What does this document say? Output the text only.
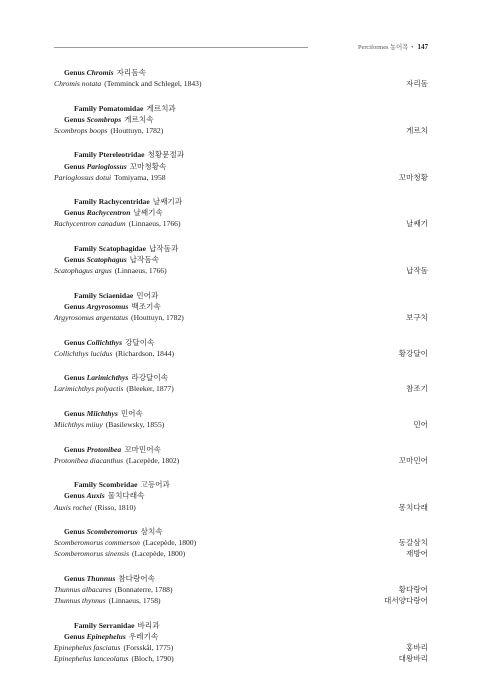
Perciformes 농어목 • 147
Genus Chromis 자리돔속
Chromis notata (Temminck and Schlegel, 1843)	자리돔
Family Pomatomidae 게르치과
Genus Scombrops 게르치속
Scombrops boops (Houttuyn, 1782)	게르치
Family Ptereleotridae 청황문절과
Genus Parioglossus 꼬마청황속
Parioglossus dotui Tomiyama, 1958	꼬마청황
Family Rachycentridae 날쌔기과
Genus Rachycentron 날쌔기속
Rachycentron canadum (Linnaeus, 1766)	날쌔기
Family Scatophagidae 납작돔과
Genus Scatophagus 납작돔속
Scatophagus argus (Linnaeus, 1766)	납작돔
Family Sciaenidae 민어과
Genus Argyrosomus 백조기속
Argyrosomus argentatus (Houttuyn, 1782)	보구치
Genus Collichthys 강달이속
Collichthys lucidus (Richardson, 1844)	황강달이
Genus Larimichthys 라강달이속
Larimichthys polyactis (Bleeker, 1877)	참조기
Genus Miichthys 민어속
Miichthys miiuy (Basilewsky, 1855)	민어
Genus Protonibea 꼬마민어속
Protonibea diacanthus (Lacepède, 1802)	꼬마민어
Family Scombridae 고등어과
Genus Auxis 물치다래속
Auxis rochei (Risso, 1810)	몽치다래
Genus Scomberomorus 삼치속
Scomberomorus commerson (Lacepède, 1800)	동갈삼치
Scomberomorus sinensis (Lacepède, 1800)	재방어
Genus Thunnus 참다랑어속
Thunnus albacares (Bonnaterre, 1788)	황다랑어
Thunnus thynnus (Linnaeus, 1758)	대서양다랑어
Family Serranidae 바리과
Genus Epinephelus 우레기속
Epinephelus fasciatus (Forsskål, 1775)	홍바리
Epinephelus lanceolatus (Bloch, 1790)	대왕바리
